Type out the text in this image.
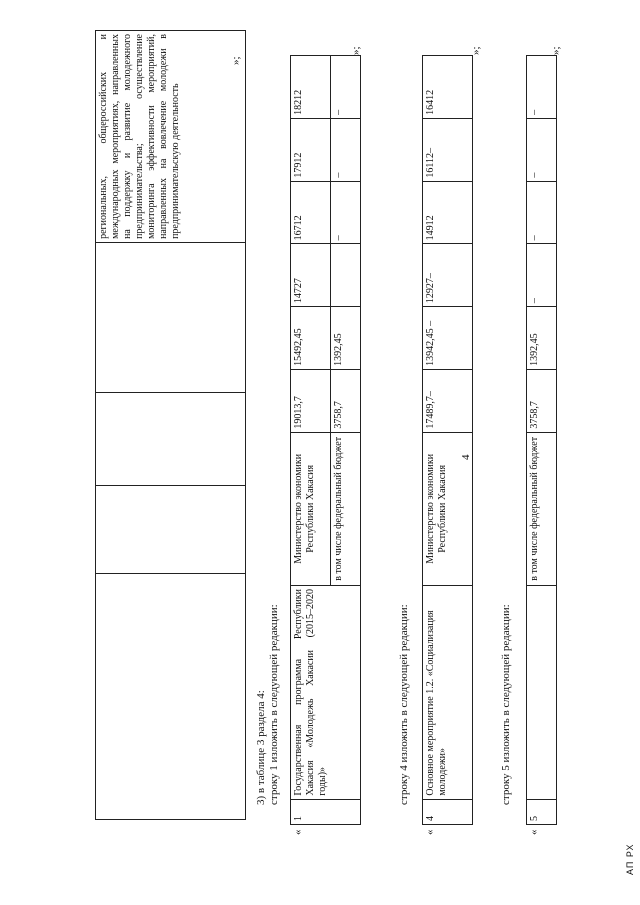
4
				региональных, общероссийских и международных мероприятиях, направленных на поддержку и развитие молодежного предпринимательства; осуществление мониторинга эффективности мероприятий, направленных на вовлечение молодежи в предпринимательскую деятельность
»;
3) в таблице 3 раздела 4: строку 1 изложить в следующей редакции:
«
1	Государственная программа Республики Хакасия «Молодежь Хакасии (2015–2020 годы)»	Министерство экономики Республики Хакасия	19013,7	15492,45	14727	16712	17912	18212
		в том числе федеральный бюджет	3758,7	1392,45		–	–	–
»;
строку 4 изложить в следующей редакции:
«
4	Основное мероприятие 1.2. «Социализация молодежи»	Министерство экономики Республики Хакасия	17489,7–	13942,45 –	12927–	14912	16112–	16412
»;
строку 5 изложить в следующей редакции:
«
5		в том числе федеральный бюджет	3758,7	1392,45	–	–	–	–
»;
АП РХ
